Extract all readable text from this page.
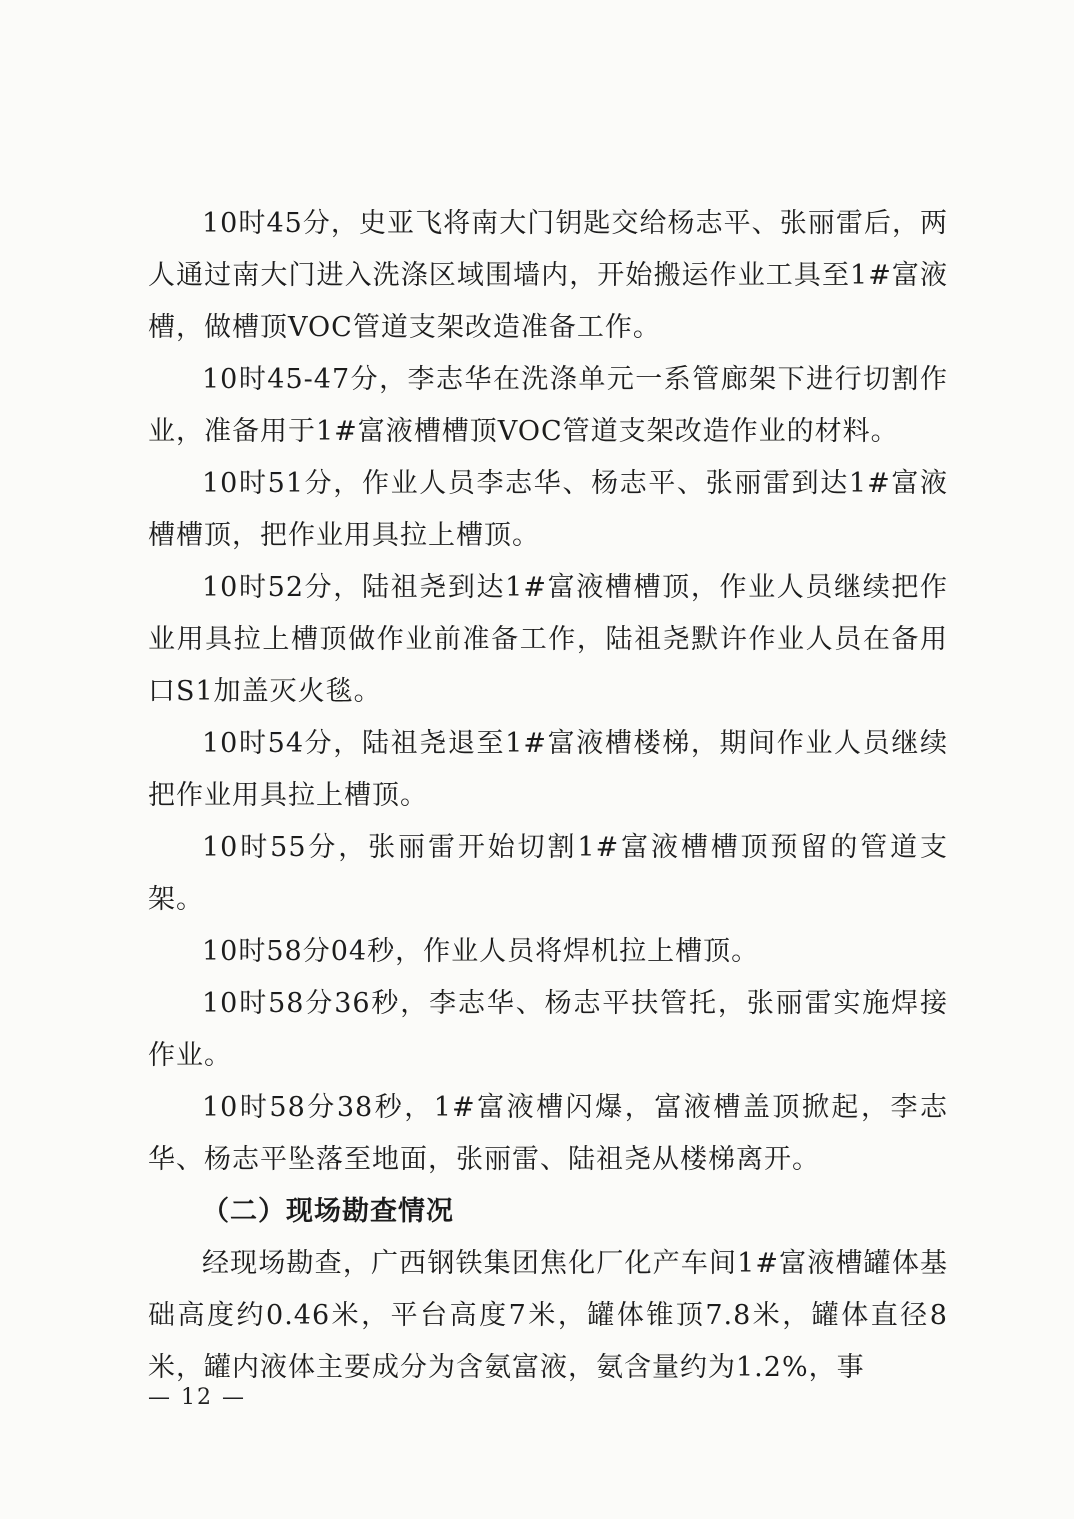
10时45分，史亚飞将南大门钥匙交给杨志平、张丽雷后，两人通过南大门进入洗涤区域围墙内，开始搬运作业工具至1#富液槽，做槽顶VOC管道支架改造准备工作。

10时45-47分，李志华在洗涤单元一系管廊架下进行切割作业，准备用于1#富液槽槽顶VOC管道支架改造作业的材料。

10时51分，作业人员李志华、杨志平、张丽雷到达1#富液槽槽顶，把作业用具拉上槽顶。

10时52分，陆祖尧到达1#富液槽槽顶，作业人员继续把作业用具拉上槽顶做作业前准备工作，陆祖尧默许作业人员在备用口S1加盖灭火毯。

10时54分，陆祖尧退至1#富液槽楼梯，期间作业人员继续把作业用具拉上槽顶。

10时55分，张丽雷开始切割1#富液槽槽顶预留的管道支架。

10时58分04秒，作业人员将焊机拉上槽顶。

10时58分36秒，李志华、杨志平扶管托，张丽雷实施焊接作业。

10时58分38秒，1#富液槽闪爆，富液槽盖顶掀起，李志华、杨志平坠落至地面，张丽雷、陆祖尧从楼梯离开。

（二）现场勘查情况

经现场勘查，广西钢铁集团焦化厂化产车间1#富液槽罐体基础高度约0.46米，平台高度7米，罐体锥顶7.8米，罐体直径8米，罐内液体主要成分为含氨富液，氨含量约为1.2%，事

— 12 —
